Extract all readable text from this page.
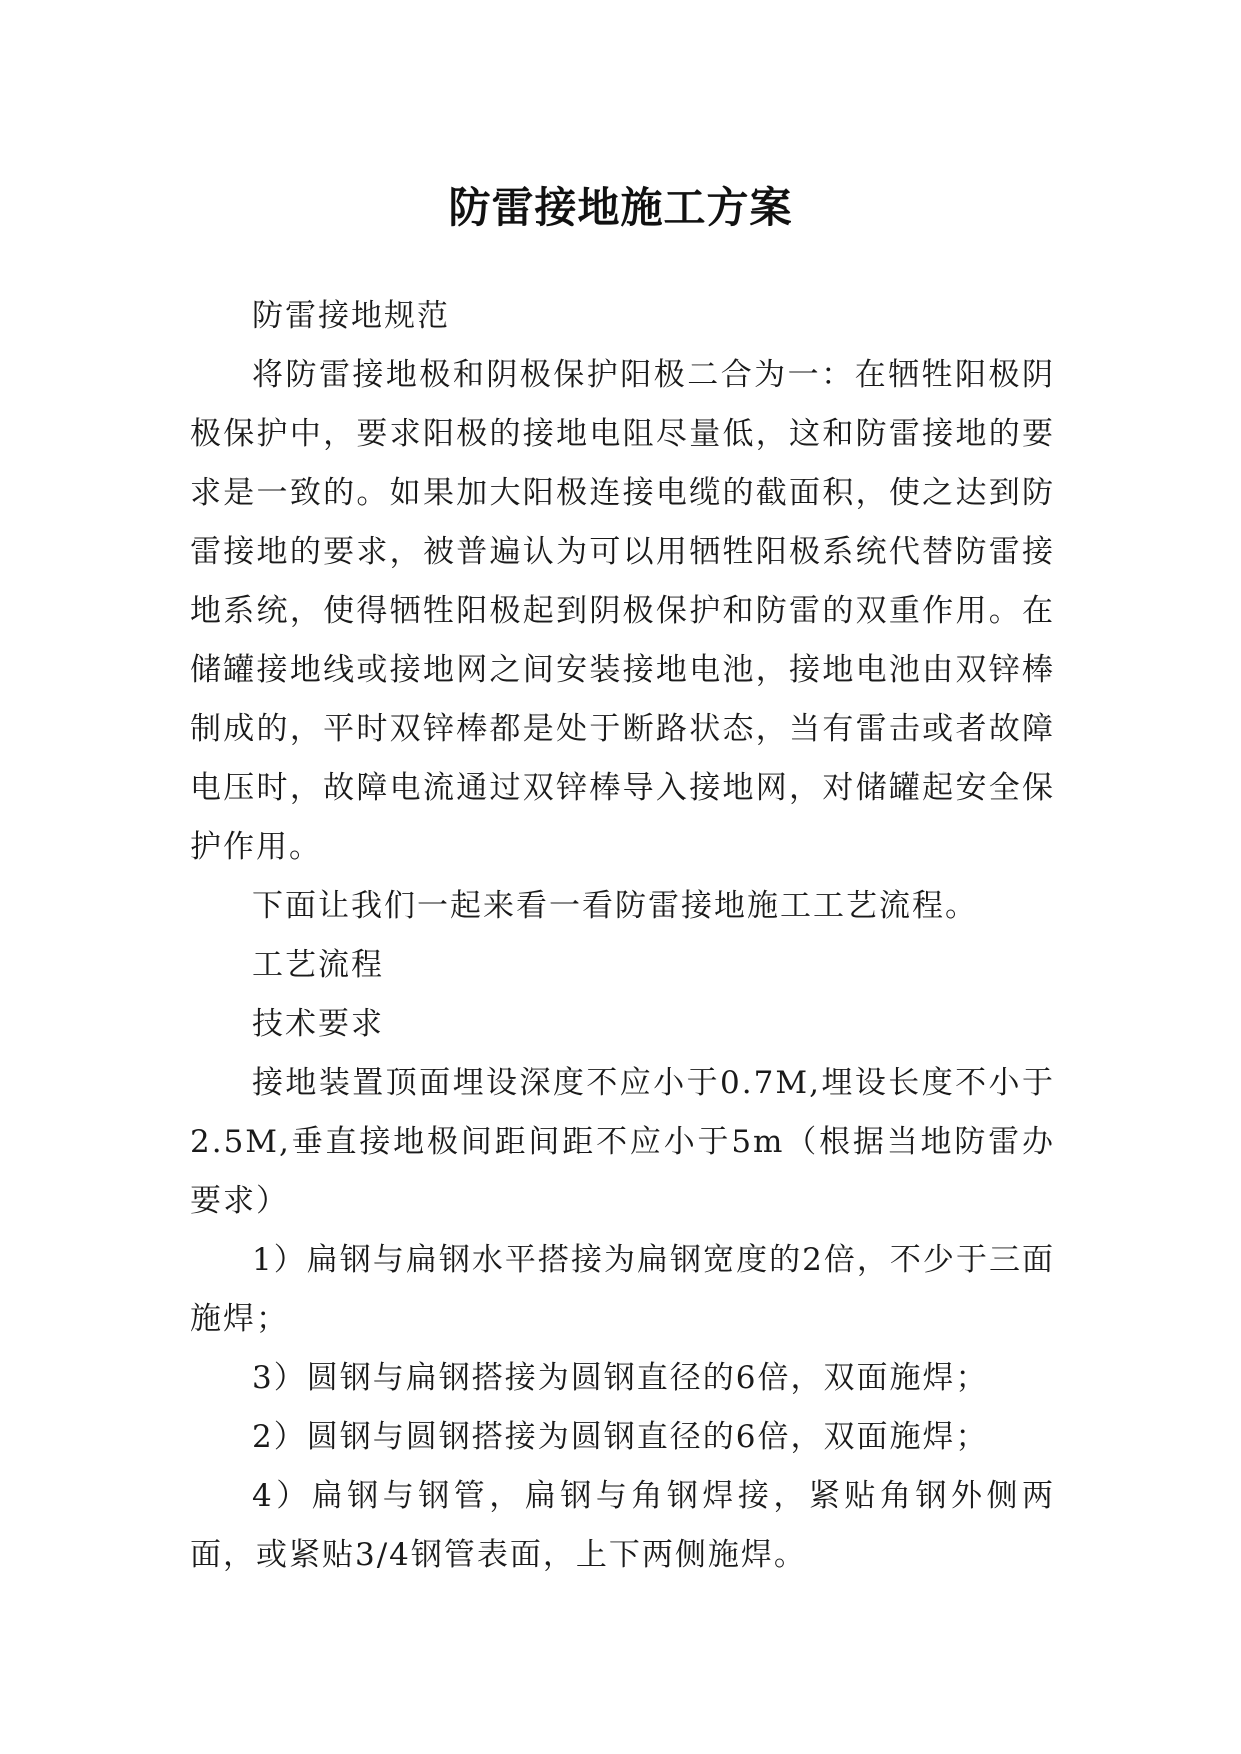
防雷接地施工方案

防雷接地规范

将防雷接地极和阴极保护阳极二合为一：在牺牲阳极阴极保护中，要求阳极的接地电阻尽量低，这和防雷接地的要求是一致的。如果加大阳极连接电缆的截面积，使之达到防雷接地的要求，被普遍认为可以用牺牲阳极系统代替防雷接地系统，使得牺牲阳极起到阴极保护和防雷的双重作用。在储罐接地线或接地网之间安装接地电池，接地电池由双锌棒制成的，平时双锌棒都是处于断路状态，当有雷击或者故障电压时，故障电流通过双锌棒导入接地网，对储罐起安全保护作用。

下面让我们一起来看一看防雷接地施工工艺流程。

工艺流程

技术要求

接地装置顶面埋设深度不应小于0.7M,埋设长度不小于2.5M,垂直接地极间距间距不应小于5m（根据当地防雷办要求）

1）扁钢与扁钢水平搭接为扁钢宽度的2倍，不少于三面施焊；

3）圆钢与扁钢搭接为圆钢直径的6倍，双面施焊；

2）圆钢与圆钢搭接为圆钢直径的6倍，双面施焊；

4）扁钢与钢管，扁钢与角钢焊接，紧贴角钢外侧两面，或紧贴3/4钢管表面，上下两侧施焊。
